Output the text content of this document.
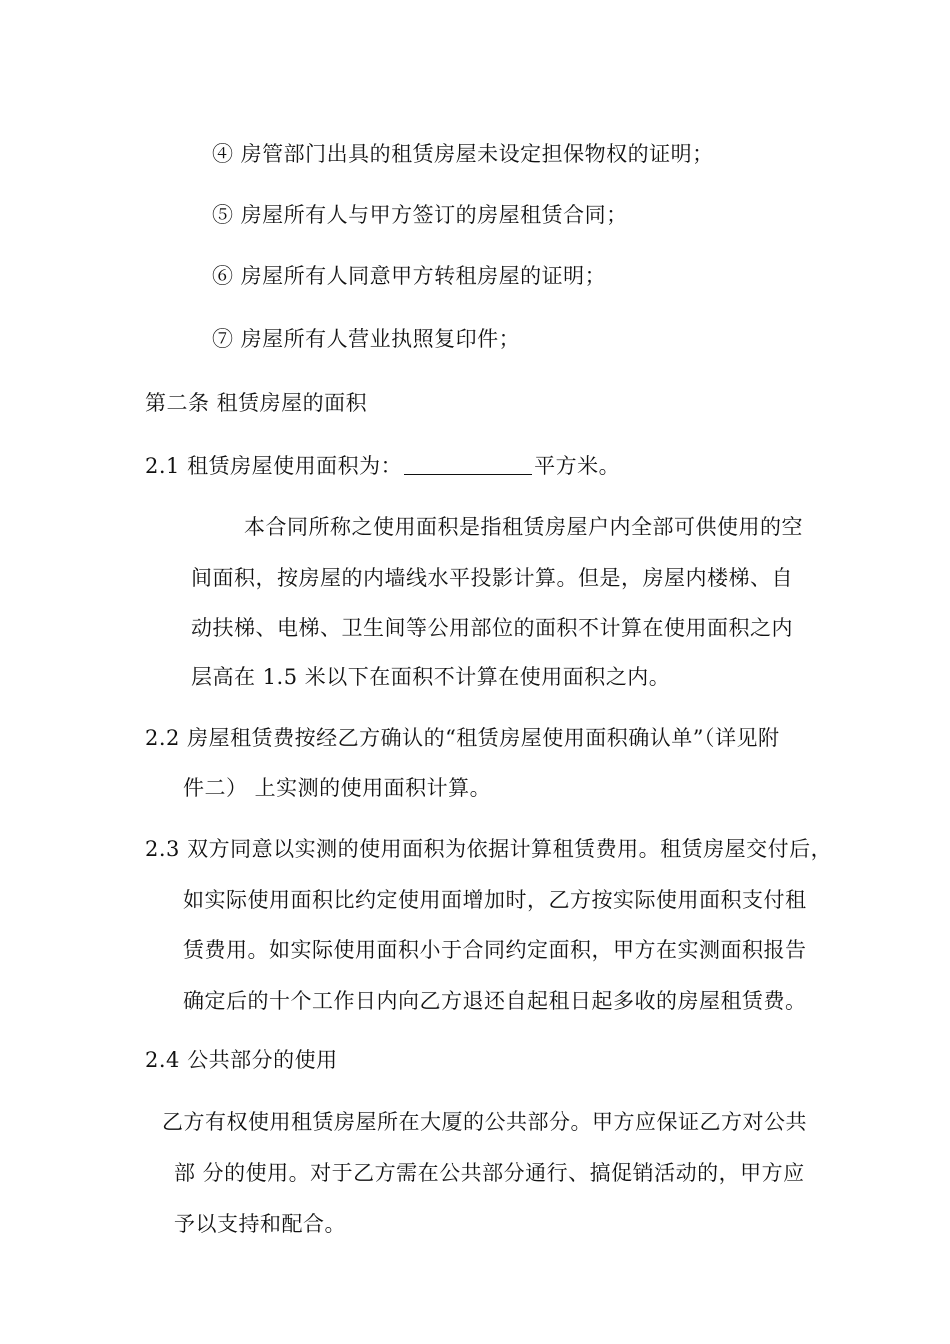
④ 房管部门出具的租赁房屋未设定担保物权的证明；
⑤ 房屋所有人与甲方签订的房屋租赁合同；
⑥ 房屋所有人同意甲方转租房屋的证明；
⑦ 房屋所有人营业执照复印件；
第二条 租赁房屋的面积
2.1 租赁房屋使用面积为：	平方米。
本合同所称之使用面积是指租赁房屋户内全部可供使用的空
间面积，按房屋的内墙线水平投影计算。但是，房屋内楼梯、自
动扶梯、电梯、卫生间等公用部位的面积不计算在使用面积之内
层高在 1.5 米以下在面积不计算在使用面积之内。
2.2 房屋租赁费按经乙方确认的“租赁房屋使用面积确认单”（详见附
件二） 上实测的使用面积计算。
2.3 双方同意以实测的使用面积为依据计算租赁费用。租赁房屋交付后，
如实际使用面积比约定使用面增加时，乙方按实际使用面积支付租
赁费用。如实际使用面积小于合同约定面积，甲方在实测面积报告
确定后的十个工作日内向乙方退还自起租日起多收的房屋租赁费。
2.4 公共部分的使用
乙方有权使用租赁房屋所在大厦的公共部分。甲方应保证乙方对公共
部 分的使用。对于乙方需在公共部分通行、搞促销活动的，甲方应
予以支持和配合。
